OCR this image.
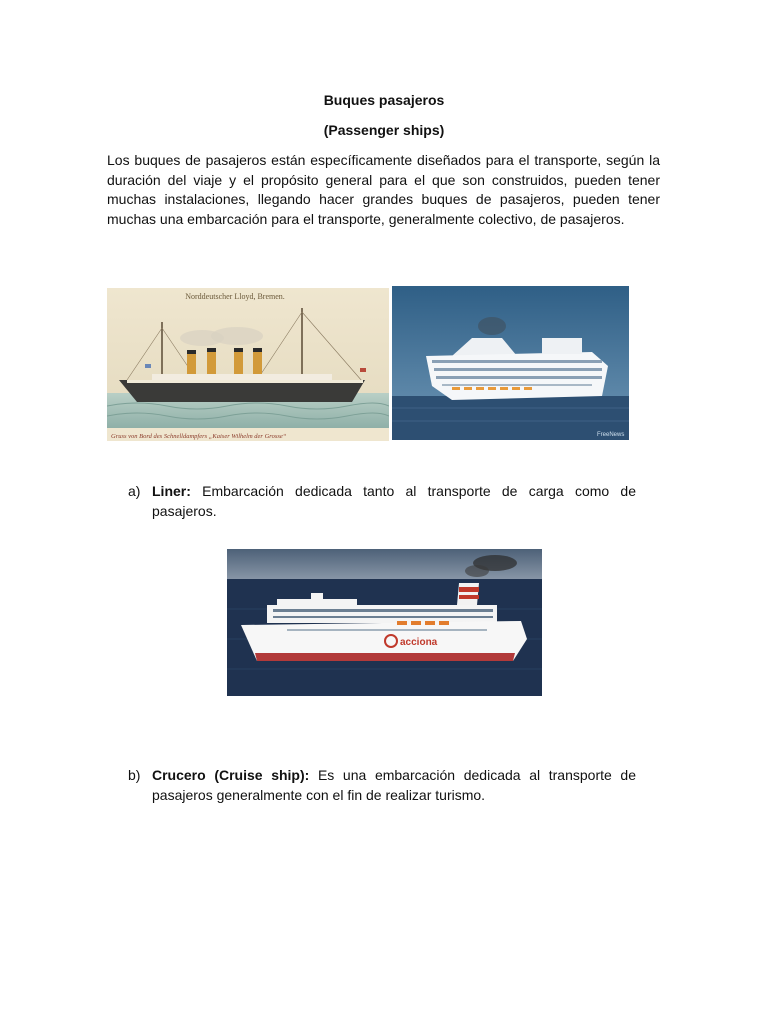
Buques pasajeros
(Passenger ships)
Los buques de pasajeros están específicamente diseñados para el transporte, según la duración del viaje y el propósito general para el que son construidos, pueden tener muchas instalaciones, llegando hacer grandes buques de pasajeros, pueden tener muchas una embarcación para el transporte, generalmente colectivo, de pasajeros.
Norddeutscher Lloyd, Bremen.
Gruss von Bord des Schnelldampfers „Kaiser Wilhelm der Grosse“	FreeNews
a) Liner: Embarcación dedicada tanto al transporte de carga como de pasajeros.
acciona
b) Crucero (Cruise ship): Es una embarcación dedicada al transporte de pasajeros generalmente con el fin de realizar turismo.
